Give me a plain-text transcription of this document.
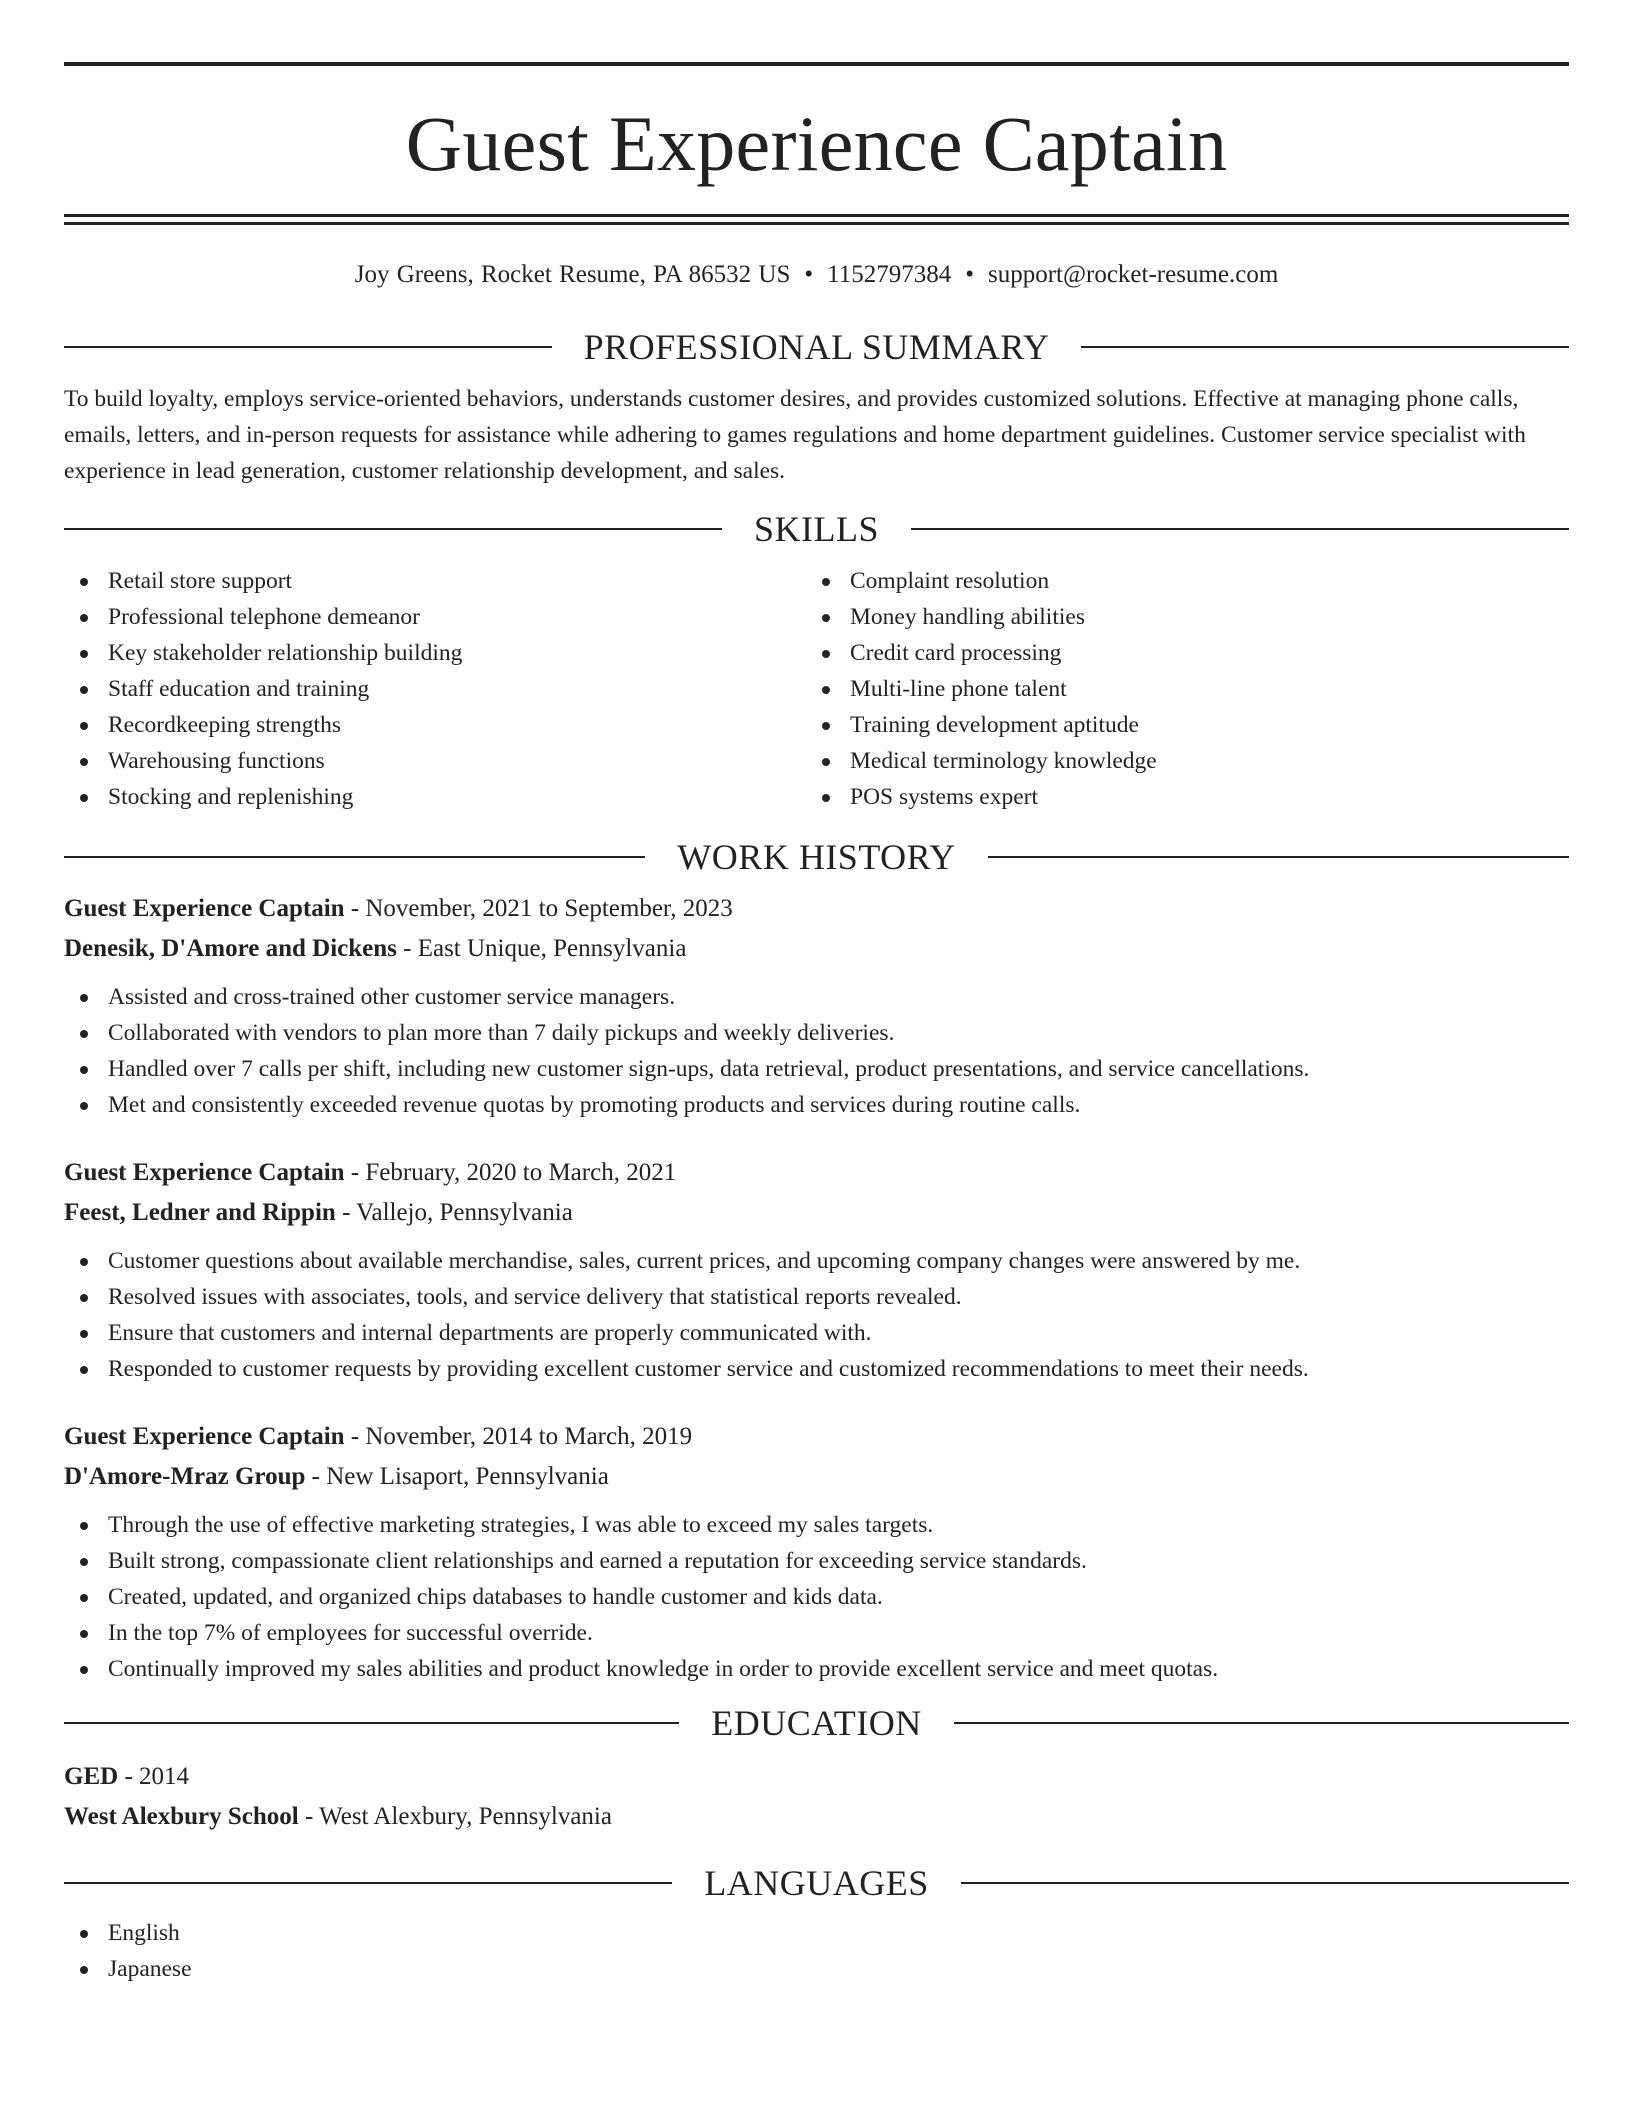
Guest Experience Captain
Joy Greens, Rocket Resume, PA 86532 US • 1152797384 • support@rocket-resume.com
PROFESSIONAL SUMMARY

To build loyalty, employs service-oriented behaviors, understands customer desires, and provides customized solutions. Effective at managing phone calls, emails, letters, and in-person requests for assistance while adhering to games regulations and home department guidelines. Customer service specialist with experience in lead generation, customer relationship development, and sales.

SKILLS
Retail store support
Professional telephone demeanor
Key stakeholder relationship building
Staff education and training
Recordkeeping strengths
Warehousing functions
Stocking and replenishing
Complaint resolution
Money handling abilities
Credit card processing
Multi-line phone talent
Training development aptitude
Medical terminology knowledge
POS systems expert
WORK HISTORY
Guest Experience Captain - November, 2021 to September, 2023
Denesik, D'Amore and Dickens - East Unique, Pennsylvania
Assisted and cross-trained other customer service managers.
Collaborated with vendors to plan more than 7 daily pickups and weekly deliveries.
Handled over 7 calls per shift, including new customer sign-ups, data retrieval, product presentations, and service cancellations.
Met and consistently exceeded revenue quotas by promoting products and services during routine calls.
Guest Experience Captain - February, 2020 to March, 2021
Feest, Ledner and Rippin - Vallejo, Pennsylvania
Customer questions about available merchandise, sales, current prices, and upcoming company changes were answered by me.
Resolved issues with associates, tools, and service delivery that statistical reports revealed.
Ensure that customers and internal departments are properly communicated with.
Responded to customer requests by providing excellent customer service and customized recommendations to meet their needs.
Guest Experience Captain - November, 2014 to March, 2019
D'Amore-Mraz Group - New Lisaport, Pennsylvania
Through the use of effective marketing strategies, I was able to exceed my sales targets.
Built strong, compassionate client relationships and earned a reputation for exceeding service standards.
Created, updated, and organized chips databases to handle customer and kids data.
In the top 7% of employees for successful override.
Continually improved my sales abilities and product knowledge in order to provide excellent service and meet quotas.
EDUCATION
GED - 2014
West Alexbury School - West Alexbury, Pennsylvania
LANGUAGES
English
Japanese
